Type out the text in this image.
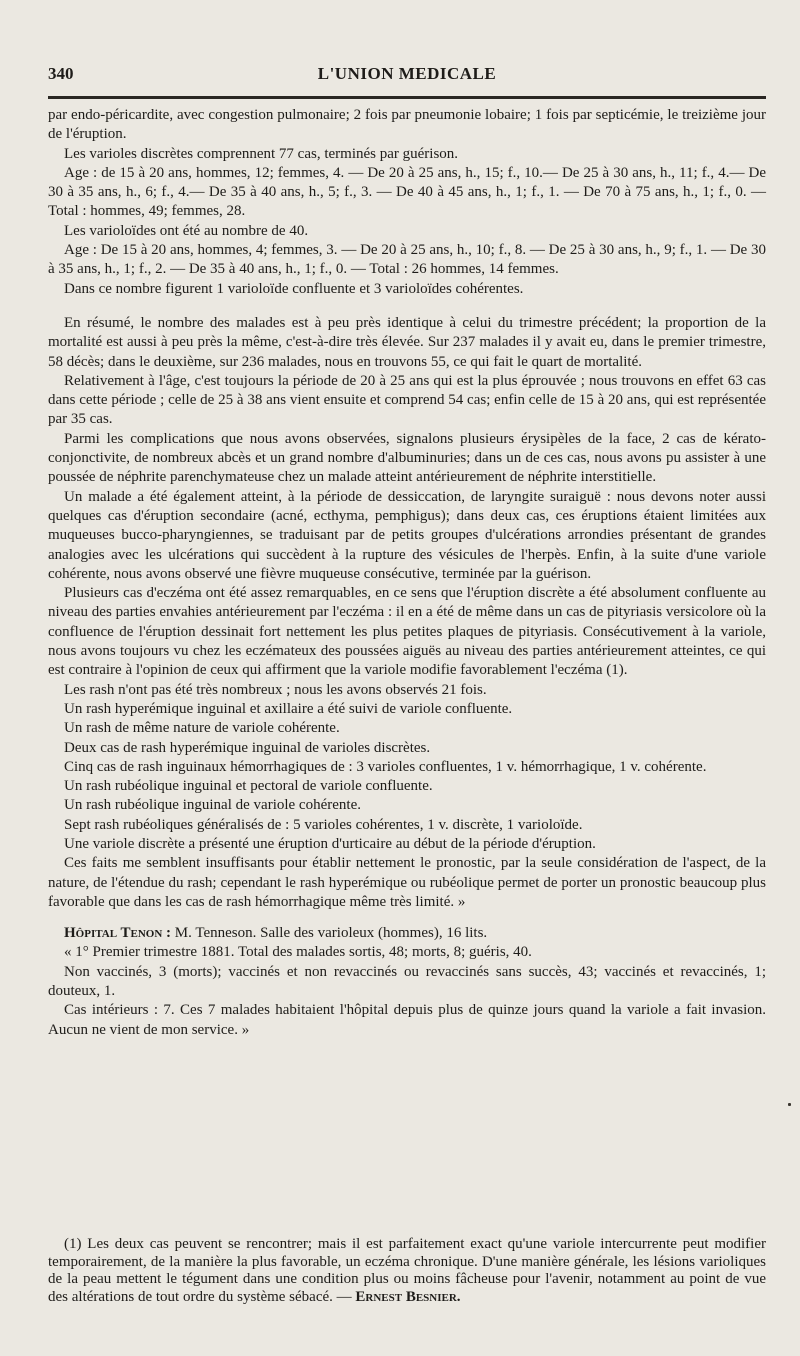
340	L'UNION MEDICALE

par endo-péricardite, avec congestion pulmonaire; 2 fois par pneumonie lobaire; 1 fois par septicémie, le treizième jour de l'éruption.

Les varioles discrètes comprennent 77 cas, terminés par guérison.

Age : de 15 à 20 ans, hommes, 12; femmes, 4. — De 20 à 25 ans, h., 15; f., 10.— De 25 à 30 ans, h., 11; f., 4.— De 30 à 35 ans, h., 6; f., 4.— De 35 à 40 ans, h., 5; f., 3. — De 40 à 45 ans, h., 1; f., 1. — De 70 à 75 ans, h., 1; f., 0. — Total : hommes, 49; femmes, 28.

Les varioloïdes ont été au nombre de 40.

Age : De 15 à 20 ans, hommes, 4; femmes, 3. — De 20 à 25 ans, h., 10; f., 8. — De 25 à 30 ans, h., 9; f., 1. — De 30 à 35 ans, h., 1; f., 2. — De 35 à 40 ans, h., 1; f., 0. — Total : 26 hommes, 14 femmes.

Dans ce nombre figurent 1 varioloïde confluente et 3 varioloïdes cohérentes.

En résumé, le nombre des malades est à peu près identique à celui du trimestre précédent; la proportion de la mortalité est aussi à peu près la même, c'est-à-dire très élevée. Sur 237 malades il y avait eu, dans le premier trimestre, 58 décès; dans le deuxième, sur 236 malades, nous en trouvons 55, ce qui fait le quart de mortalité.

Relativement à l'âge, c'est toujours la période de 20 à 25 ans qui est la plus éprouvée ; nous trouvons en effet 63 cas dans cette période ; celle de 25 à 38 ans vient ensuite et comprend 54 cas; enfin celle de 15 à 20 ans, qui est représentée par 35 cas.

Parmi les complications que nous avons observées, signalons plusieurs érysipèles de la face, 2 cas de kérato-conjonctivite, de nombreux abcès et un grand nombre d'albuminuries; dans un de ces cas, nous avons pu assister à une poussée de néphrite parenchymateuse chez un malade atteint antérieurement de néphrite interstitielle.

Un malade a été également atteint, à la période de dessiccation, de laryngite suraiguë : nous devons noter aussi quelques cas d'éruption secondaire (acné, ecthyma, pemphigus); dans deux cas, ces éruptions étaient limitées aux muqueuses bucco-pharyngiennes, se traduisant par de petits groupes d'ulcérations arrondies présentant de grandes analogies avec les ulcérations qui succèdent à la rupture des vésicules de l'herpès. Enfin, à la suite d'une variole cohérente, nous avons observé une fièvre muqueuse consécutive, terminée par la guérison.

Plusieurs cas d'eczéma ont été assez remarquables, en ce sens que l'éruption discrète a été absolument confluente au niveau des parties envahies antérieurement par l'eczéma : il en a été de même dans un cas de pityriasis versicolore où la confluence de l'éruption dessinait fort nettement les plus petites plaques de pityriasis. Consécutivement à la variole, nous avons toujours vu chez les eczémateux des poussées aiguës au niveau des parties antérieurement atteintes, ce qui est contraire à l'opinion de ceux qui affirment que la variole modifie favorablement l'eczéma (1).

Les rash n'ont pas été très nombreux ; nous les avons observés 21 fois.

Un rash hyperémique inguinal et axillaire a été suivi de variole confluente.

Un rash de même nature de variole cohérente.

Deux cas de rash hyperémique inguinal de varioles discrètes.

Cinq cas de rash inguinaux hémorrhagiques de : 3 varioles confluentes, 1 v. hémorrhagique, 1 v. cohérente.

Un rash rubéolique inguinal et pectoral de variole confluente.

Un rash rubéolique inguinal de variole cohérente.

Sept rash rubéoliques généralisés de : 5 varioles cohérentes, 1 v. discrète, 1 varioloïde.

Une variole discrète a présenté une éruption d'urticaire au début de la période d'éruption.

Ces faits me semblent insuffisants pour établir nettement le pronostic, par la seule considération de l'aspect, de la nature, de l'étendue du rash; cependant le rash hyperémique ou rubéolique permet de porter un pronostic beaucoup plus favorable que dans les cas de rash hémorrhagique même très limité. »

Hôpital Tenon : M. Tenneson. Salle des varioleux (hommes), 16 lits.

« 1° Premier trimestre 1881. Total des malades sortis, 48; morts, 8; guéris, 40.

Non vaccinés, 3 (morts); vaccinés et non revaccinés ou revaccinés sans succès, 43; vaccinés et revaccinés, 1; douteux, 1.

Cas intérieurs : 7. Ces 7 malades habitaient l'hôpital depuis plus de quinze jours quand la variole a fait invasion. Aucun ne vient de mon service. »

(1) Les deux cas peuvent se rencontrer; mais il est parfaitement exact qu'une variole intercurrente peut modifier temporairement, de la manière la plus favorable, un eczéma chronique. D'une manière générale, les lésions varioliques de la peau mettent le tégument dans une condition plus ou moins fâcheuse pour l'avenir, notamment au point de vue des altérations de tout ordre du système sébacé. — Ernest Besnier.
